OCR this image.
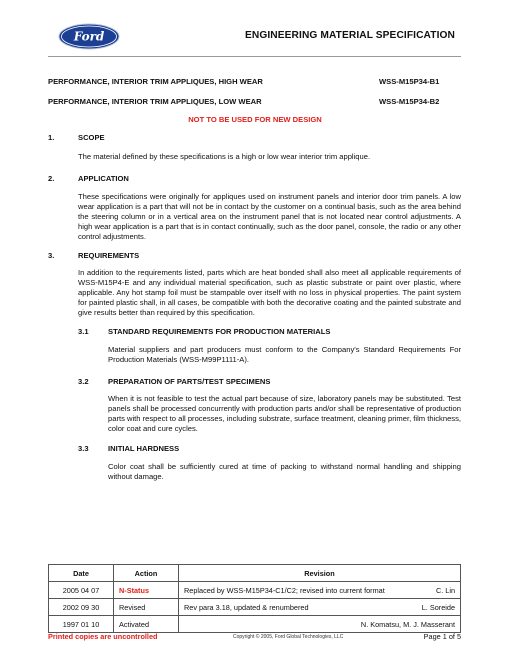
Ford	ENGINEERING MATERIAL SPECIFICATION
PERFORMANCE, INTERIOR TRIM APPLIQUES, HIGH WEAR	WSS-M15P34-B1
PERFORMANCE, INTERIOR TRIM APPLIQUES, LOW WEAR	WSS-M15P34-B2
NOT TO BE USED FOR NEW DESIGN
1.	SCOPE
The material defined by these specifications is a high or low wear interior trim applique.
2.	APPLICATION
These specifications were originally for appliques used on instrument panels and interior door trim panels. A low wear application is a part that will not be in contact by the customer on a continual basis, such as the area behind the steering column or in a vertical area on the instrument panel that is not located near control adjustments. A high wear application is a part that is in contact continually, such as the door panel, console, the radio or any other control adjustments.
3.	REQUIREMENTS
In addition to the requirements listed, parts which are heat bonded shall also meet all applicable requirements of WSS-M15P4-E and any individual material specification, such as plastic substrate or paint over plastic, where applicable. Any hot stamp foil must be stampable over itself with no loss in physical properties. The paint system for painted plastic shall, in all cases, be compatible with both the decorative coating and the painted substrate and give results better than required by this specification.
3.1	STANDARD REQUIREMENTS FOR PRODUCTION MATERIALS
Material suppliers and part producers must conform to the Company's Standard Requirements For Production Materials (WSS-M99P1111-A).
3.2	PREPARATION OF PARTS/TEST SPECIMENS
When it is not feasible to test the actual part because of size, laboratory panels may be substituted. Test panels shall be processed concurrently with production parts and/or shall be representative of production parts with respect to all processes, including substrate, surface treatment, cleaning primer, film thickness, color coat and cure cycles.
3.3	INITIAL HARDNESS
Color coat shall be sufficiently cured at time of packing to withstand normal handling and shipping without damage.
Date	Action	Revision
2005 04 07	N-Status	Replaced by WSS-M15P34-C1/C2; revised into current format C. Lin

2002 09 30	Revised	Rev para 3.18, updated & renumbered L. Soreide

1997 01 10	Activated	N. Komatsu, M. J. Masserant
Printed copies are uncontrolled	Copyright © 2005, Ford Global Technologies, LLC	Page 1 of 5
